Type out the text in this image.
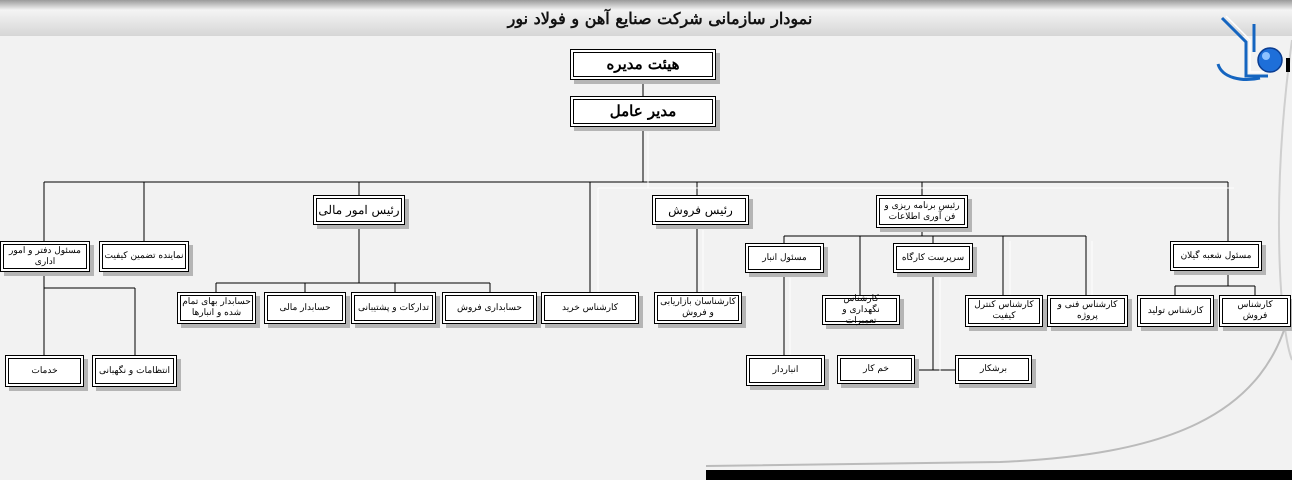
نمودار سازمانی شرکت صنایع آهن و فولاد نور
هیئت مدیره
مدیر عامل
مسئول دفتر و امور اداری
نماینده تضمین کیفیت
رئیس امور مالی
کارشناس خرید
رئیس فروش	رئیس برنامه ریزی و فن آوری اطلاعات
مسئول شعبه گیلان
خدمات	انتظامات و نگهبانی
حسابدار بهای تمام شده و انبارها
حسابدار مالی	تدارکات و پشتیبانی	حسابداری فروش
کارشناسان بازاریابی و فروش
مسئول انبار	سرپرست کارگاه
کارشناس نگهداری و تعمیرات
کارشناس کنترل کیفیت
کارشناس فنی و پروژه
انباردار	خم کار	برشکار
کارشناس تولید
کارشناس فروش
